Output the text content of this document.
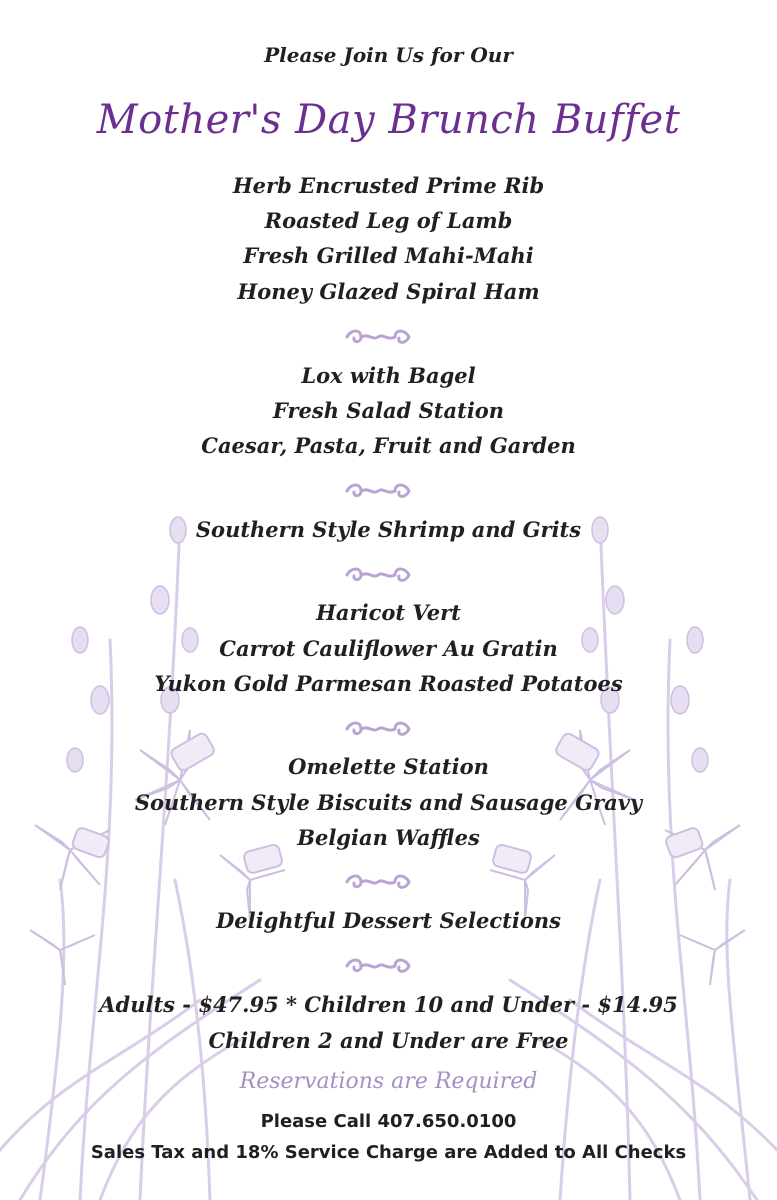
Please Join Us for Our
Mother's Day Brunch Buffet
Herb Encrusted Prime Rib
Roasted Leg of Lamb
Fresh Grilled Mahi-Mahi
Honey Glazed Spiral Ham
Lox with Bagel
Fresh Salad Station
Caesar, Pasta, Fruit and Garden
Southern Style Shrimp and Grits
Haricot Vert
Carrot Cauliflower Au Gratin
Yukon Gold Parmesan Roasted Potatoes
Omelette Station
Southern Style Biscuits and Sausage Gravy
Belgian Waffles
Delightful Dessert Selections
Adults - $47.95 * Children 10 and Under - $14.95
Children 2 and Under are Free
Reservations are Required
Please Call 407.650.0100
Sales Tax and 18% Service Charge are Added to All Checks
